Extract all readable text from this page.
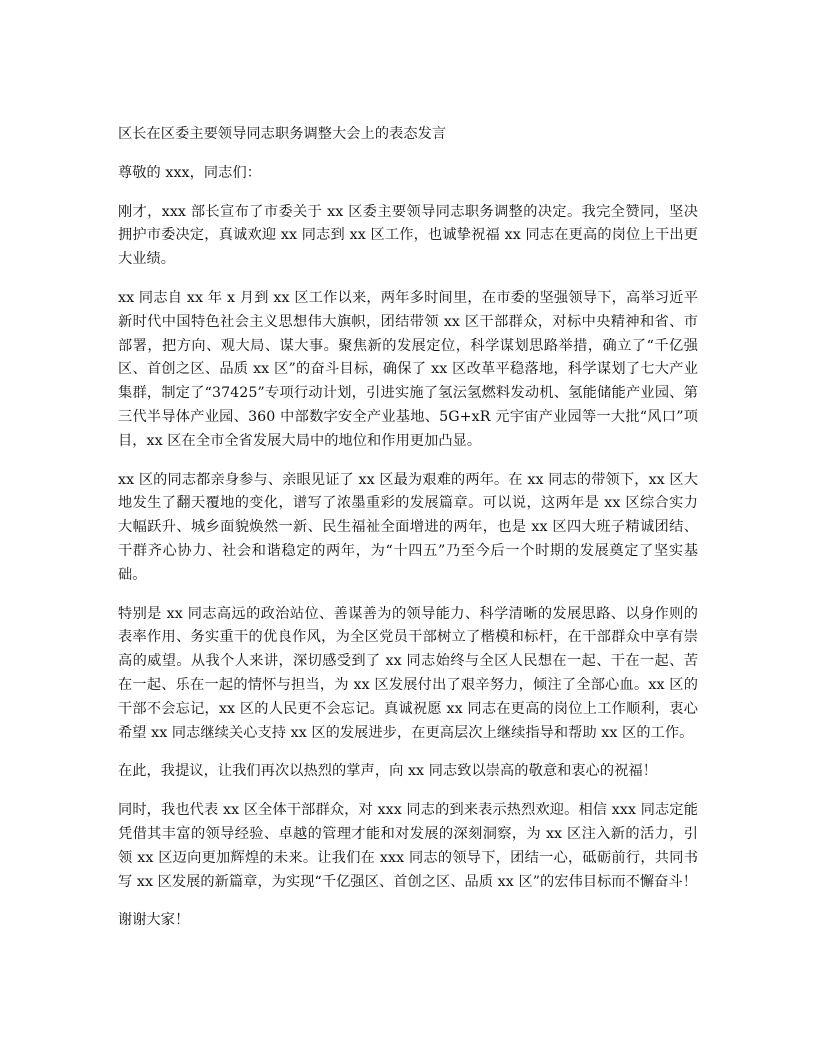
区长在区委主要领导同志职务调整大会上的表态发言
尊敬的 xxx，同志们：
刚才，xxx 部长宣布了市委关于 xx 区委主要领导同志职务调整的决定。我完全赞同，坚决拥护市委决定，真诚欢迎 xx 同志到 xx 区工作，也诚挚祝福 xx 同志在更高的岗位上干出更大业绩。
xx 同志自 xx 年 x 月到 xx 区工作以来，两年多时间里，在市委的坚强领导下，高举习近平新时代中国特色社会主义思想伟大旗帜，团结带领 xx 区干部群众，对标中央精神和省、市部署，把方向、观大局、谋大事。聚焦新的发展定位，科学谋划思路举措，确立了“千亿强区、首创之区、品质 xx 区”的奋斗目标，确保了 xx 区改革平稳落地，科学谋划了七大产业集群，制定了“37425”专项行动计划，引进实施了氢沄氢燃料发动机、氢能储能产业园、第三代半导体产业园、360 中部数字安全产业基地、5G+xR 元宇宙产业园等一大批“风口”项目，xx 区在全市全省发展大局中的地位和作用更加凸显。
xx 区的同志都亲身参与、亲眼见证了 xx 区最为艰难的两年。在 xx 同志的带领下，xx 区大地发生了翻天覆地的变化，谱写了浓墨重彩的发展篇章。可以说，这两年是 xx 区综合实力大幅跃升、城乡面貌焕然一新、民生福祉全面增进的两年，也是 xx 区四大班子精诚团结、干群齐心协力、社会和谐稳定的两年，为“十四五”乃至今后一个时期的发展奠定了坚实基础。
特别是 xx 同志高远的政治站位、善谋善为的领导能力、科学清晰的发展思路、以身作则的表率作用、务实重干的优良作风，为全区党员干部树立了楷模和标杆，在干部群众中享有崇高的威望。从我个人来讲，深切感受到了 xx 同志始终与全区人民想在一起、干在一起、苦在一起、乐在一起的情怀与担当，为 xx 区发展付出了艰辛努力，倾注了全部心血。xx 区的干部不会忘记，xx 区的人民更不会忘记。真诚祝愿 xx 同志在更高的岗位上工作顺利，衷心希望 xx 同志继续关心支持 xx 区的发展进步，在更高层次上继续指导和帮助 xx 区的工作。
在此，我提议，让我们再次以热烈的掌声，向 xx 同志致以崇高的敬意和衷心的祝福！
同时，我也代表 xx 区全体干部群众，对 xxx 同志的到来表示热烈欢迎。相信 xxx 同志定能凭借其丰富的领导经验、卓越的管理才能和对发展的深刻洞察，为 xx 区注入新的活力，引领 xx 区迈向更加辉煌的未来。让我们在 xxx 同志的领导下，团结一心，砥砺前行，共同书写 xx 区发展的新篇章，为实现“千亿强区、首创之区、品质 xx 区”的宏伟目标而不懈奋斗！
谢谢大家！
